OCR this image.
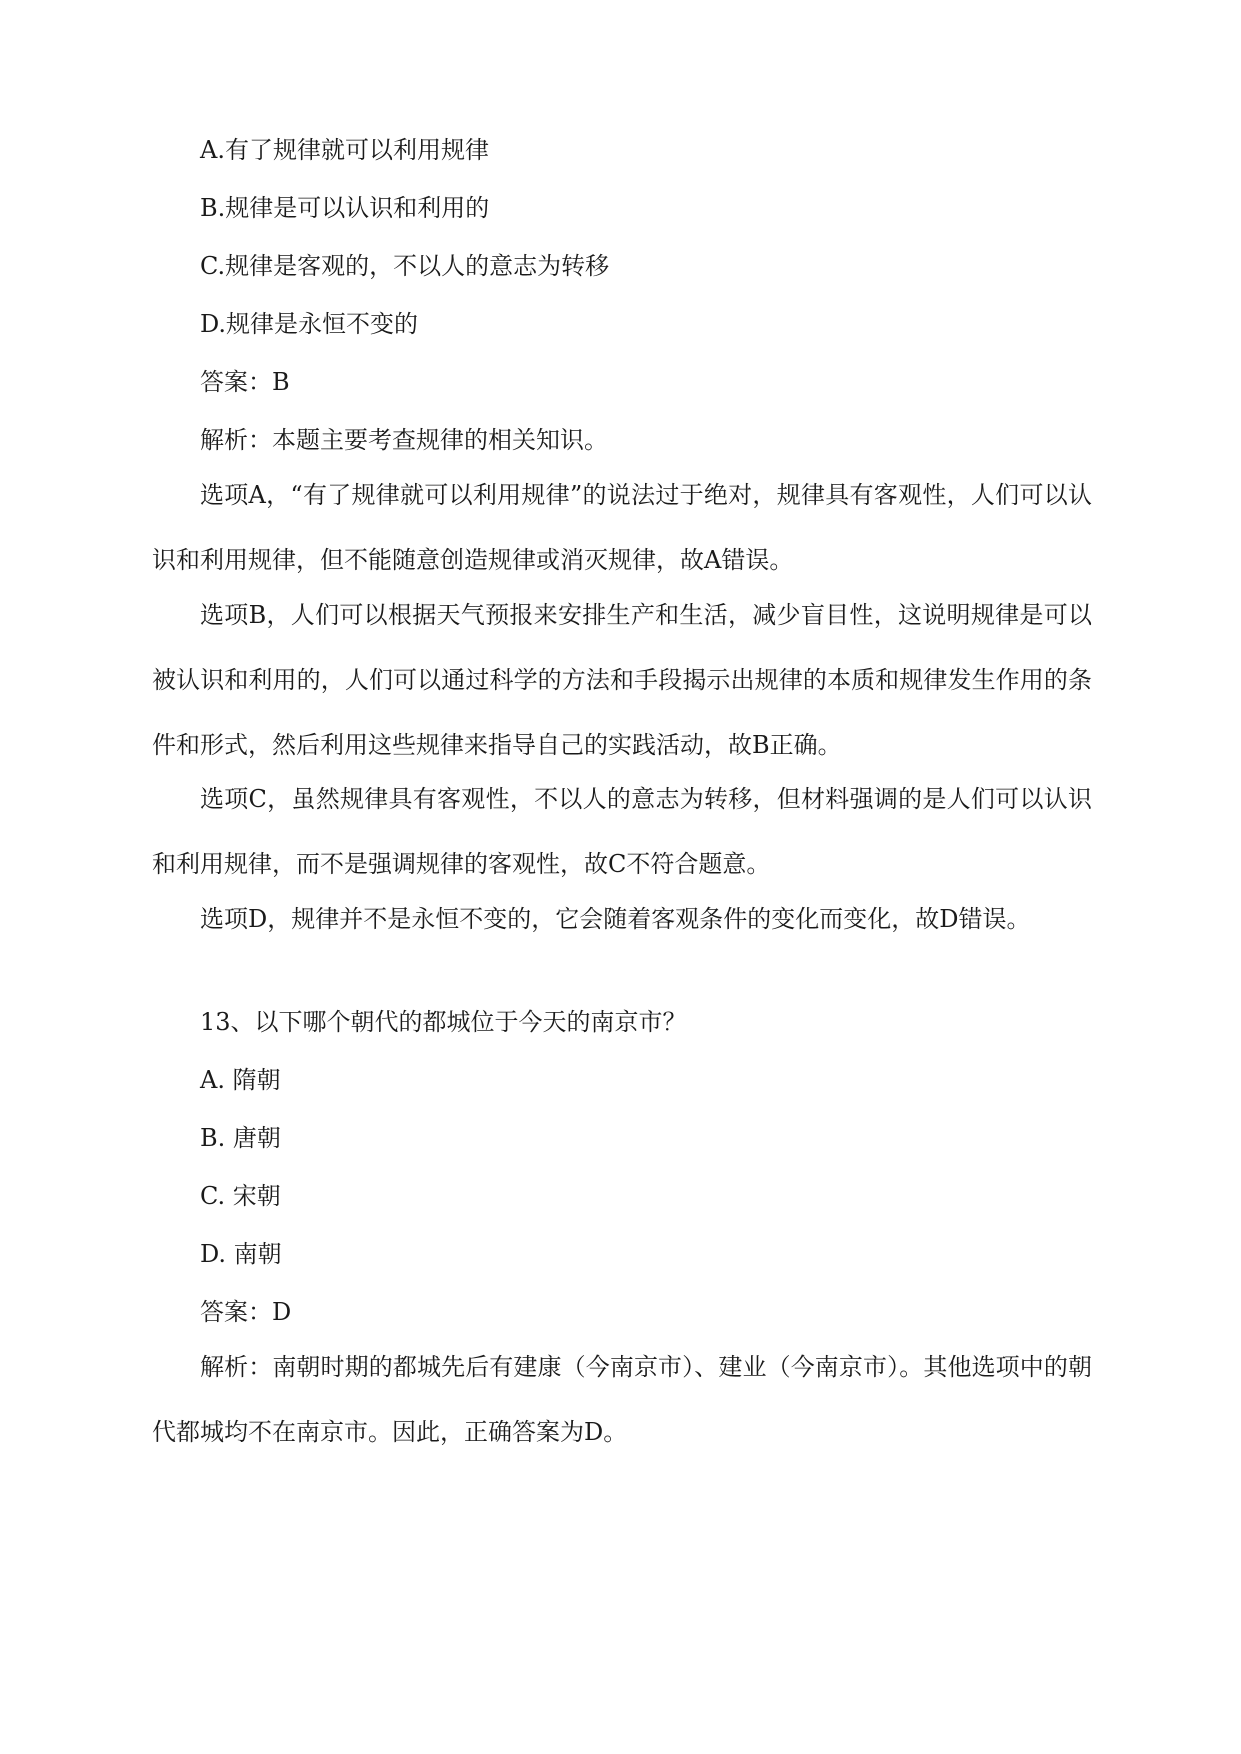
A.有了规律就可以利用规律

B.规律是可以认识和利用的

C.规律是客观的，不以人的意志为转移

D.规律是永恒不变的

答案：B

解析：本题主要考查规律的相关知识。

选项A，“有了规律就可以利用规律”的说法过于绝对，规律具有客观性，人们可以认识和利用规律，但不能随意创造规律或消灭规律，故A错误。

选项B，人们可以根据天气预报来安排生产和生活，减少盲目性，这说明规律是可以被认识和利用的，人们可以通过科学的方法和手段揭示出规律的本质和规律发生作用的条件和形式，然后利用这些规律来指导自己的实践活动，故B正确。

选项C，虽然规律具有客观性，不以人的意志为转移，但材料强调的是人们可以认识和利用规律，而不是强调规律的客观性，故C不符合题意。

选项D，规律并不是永恒不变的，它会随着客观条件的变化而变化，故D错误。

13、以下哪个朝代的都城位于今天的南京市？

A. 隋朝

B. 唐朝

C. 宋朝

D. 南朝

答案：D

解析：南朝时期的都城先后有建康（今南京市）、建业（今南京市）。其他选项中的朝代都城均不在南京市。因此，正确答案为D。
